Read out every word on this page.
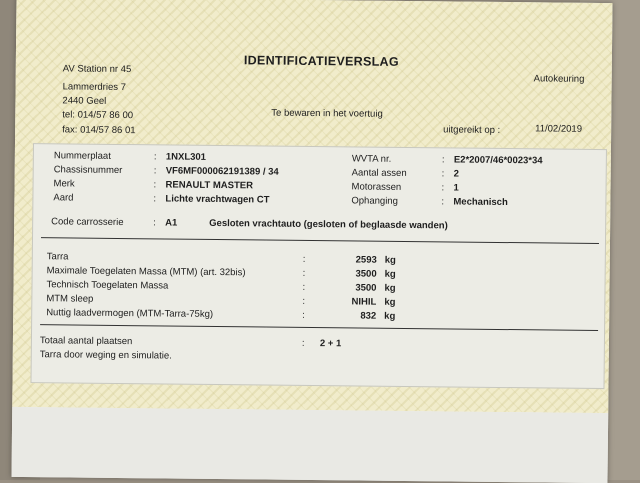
IDENTIFICATIEVERSLAG
AV Station nr 45
Lammerdries 7
2440 Geel
tel: 014/57 86 00
fax: 014/57 86 01
Autokeuring
Te bewaren in het voertuig
uitgereikt op :	11/02/2019
Nummerplaat	: 1NXL301
Chassisnummer	: VF6MF000062191389 / 34
Merk	: RENAULT MASTER
Aard	: Lichte vrachtwagen CT
WVTA nr.	: E2*2007/46*0023*34
Aantal assen	: 2
Motorassen	: 1
Ophanging	: Mechanisch
Code carrosserie	: A1	Gesloten vrachtauto (gesloten of beglaasde wanden)
Tarra	:	2593 kg
Maximale Toegelaten Massa (MTM) (art. 32bis)	:	3500 kg
Technisch Toegelaten Massa	:	3500 kg
MTM sleep	:	NIHIL kg
Nuttig laadvermogen (MTM-Tarra-75kg)	:	832 kg
Totaal aantal plaatsen	: 2 + 1
Tarra door weging en simulatie.
